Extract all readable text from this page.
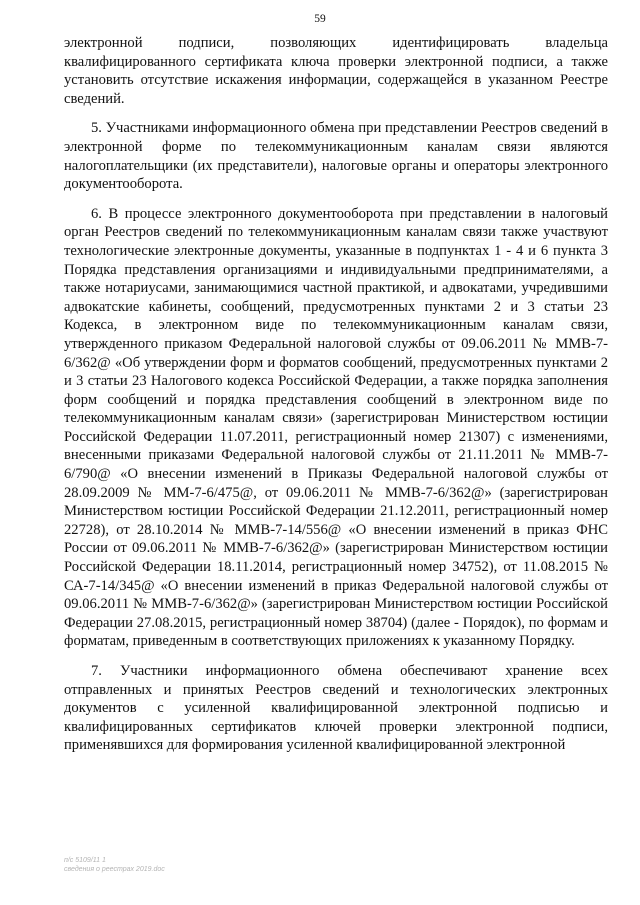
59

электронной подписи, позволяющих идентифицировать владельца квалифицированного сертификата ключа проверки электронной подписи, а также установить отсутствие искажения информации, содержащейся в указанном Реестре сведений.

5. Участниками информационного обмена при представлении Реестров сведений в электронной форме по телекоммуникационным каналам связи являются налогоплательщики (их представители), налоговые органы и операторы электронного документооборота.

6. В процессе электронного документооборота при представлении в налоговый орган Реестров сведений по телекоммуникационным каналам связи также участвуют технологические электронные документы, указанные в подпунктах 1 - 4 и 6 пункта 3 Порядка представления организациями и индивидуальными предпринимателями, а также нотариусами, занимающимися частной практикой, и адвокатами, учредившими адвокатские кабинеты, сообщений, предусмотренных пунктами 2 и 3 статьи 23 Кодекса, в электронном виде по телекоммуникационным каналам связи, утвержденного приказом Федеральной налоговой службы от 09.06.2011 № ММВ-7-6/362@ «Об утверждении форм и форматов сообщений, предусмотренных пунктами 2 и 3 статьи 23 Налогового кодекса Российской Федерации, а также порядка заполнения форм сообщений и порядка представления сообщений в электронном виде по телекоммуникационным каналам связи» (зарегистрирован Министерством юстиции Российской Федерации 11.07.2011, регистрационный номер 21307) с изменениями, внесенными приказами Федеральной налоговой службы от 21.11.2011 № ММВ-7-6/790@ «О внесении изменений в Приказы Федеральной налоговой службы от 28.09.2009 № ММ-7-6/475@, от 09.06.2011 № ММВ-7-6/362@» (зарегистрирован Министерством юстиции Российской Федерации 21.12.2011, регистрационный номер 22728), от 28.10.2014 № ММВ-7-14/556@ «О внесении изменений в приказ ФНС России от 09.06.2011 № ММВ-7-6/362@» (зарегистрирован Министерством юстиции Российской Федерации 18.11.2014, регистрационный номер 34752), от 11.08.2015 № СА-7-14/345@ «О внесении изменений в приказ Федеральной налоговой службы от 09.06.2011 № ММВ-7-6/362@» (зарегистрирован Министерством юстиции Российской Федерации 27.08.2015, регистрационный номер 38704) (далее - Порядок), по формам и форматам, приведенным в соответствующих приложениях к указанному Порядку.

7. Участники информационного обмена обеспечивают хранение всех отправленных и принятых Реестров сведений и технологических электронных документов с усиленной квалифицированной электронной подписью и квалифицированных сертификатов ключей проверки электронной подписи, применявшихся для формирования усиленной квалифицированной электронной

п/с 5109/11 1
сведения о реестрах 2019.doc
